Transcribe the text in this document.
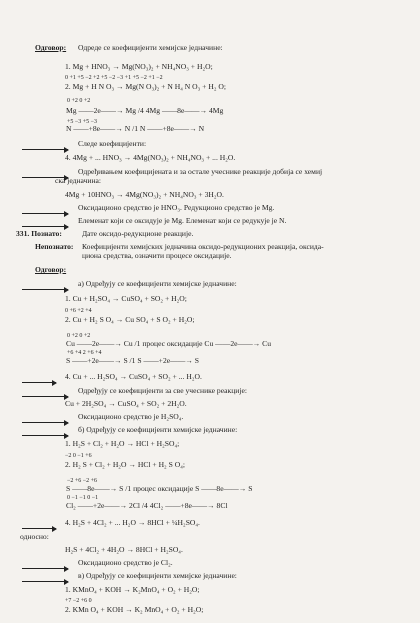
Одговор: Одреде се коефицијенти хемијске једначине:
1. Mg + HNO₃ → Mg(NO₃)₂ + NH₄NO₃ + H₂O;
0 +1 +5 −2 +2 +5 −2 −3 +1 +5 −2 +1 −2
2. Mg + H N O₃ → Mg(N O₃)₂ + N H₄ N O₃ + H₂ O;
0 +2 0 +2
Mg ——2e——→ Mg /4 4Mg ——8e——→ 4Mg
+5 −3 +5 −3
N ——+8e——→ N /1 N ——+8e——→ N
Следе коефицијенти:
4. 4Mg + ... HNO₃ → 4Mg(NO₃)₂ + NH₄NO₃ + ... H₂O.
Одређивањем коефицијената и за остале учеснике реакције добија се хемиј
ска једначина:
4Mg + 10HNO₃ → 4Mg(NO₃)₂ + NH₄NO₃ + 3H₂O.
Оксидационо средство је HNO₃. Редукционо средство је Mg.
Елеменат који се оксидује је Mg. Елеменат који се редукује је N.
331. Познато:	Дате оксидо-редукционе реакције.
Непознато: Коефицијенти хемијских једначина оксидо-редукционих реакција, оксида-
циона средства, означити процесе оксидације.
Одговор:
а) Одређују се коефицијенти хемијске једначине:
1. Cu + H₂SO₄ → CuSO₄ + SO₂ + H₂O;
0 +6 +2 +4
2. Cu + H₂ S O₄ → Cu SO₄ + S O₂ + H₂O;
0 +2 0 +2
Cu ——2e——→ Cu /1 процес оксидације Cu ——2e——→ Cu
+6 +4 2 +6 +4
S ——+2e——→ S /1 S ——+2e——→ S
4. Cu + ... H₂SO₄ → CuSO₄ + SO₂ + ... H₂O.
Одређују се коефицијенти за све учеснике реакције:
Cu + 2H₂SO₄ → CuSO₄ + SO₂ + 2H₂O.
Оксидационо средство је H₂SO₄.
б) Одређују се коефицијенти хемијске једначине:
1. H₂S + Cl₂ + H₂O → HCl + H₂SO₄;
−2 0 −1 +6
2. H₂ S + Cl₂ + H₂O → HCl + H₂ S O₄;
−2 +6 −2 +6
S ——8e——→ S /1 процес оксидације S ——8e——→ S
0 −1 −1 0 −1
Cl₂ ——+2e——→ 2Cl /4 4Cl₂ ——+8e——→ 8Cl
4. H₂S + 4Cl₂ + ... H₂O → 8HCl + ¼H₂SO₄.
односно:
H₂S + 4Cl₂ + 4H₂O → 8HCl + H₂SO₄.
Оксидационо средство је Cl₂.
в) Одређују се коефицијенти хемијске једначине:
1. KMnO₄ + KOH → K₂MnO₄ + O₂ + H₂O;
+7 −2 +6 0
2. KMn O₄ + KOH → K₂ MnO₄ + O₂ + H₂O;
